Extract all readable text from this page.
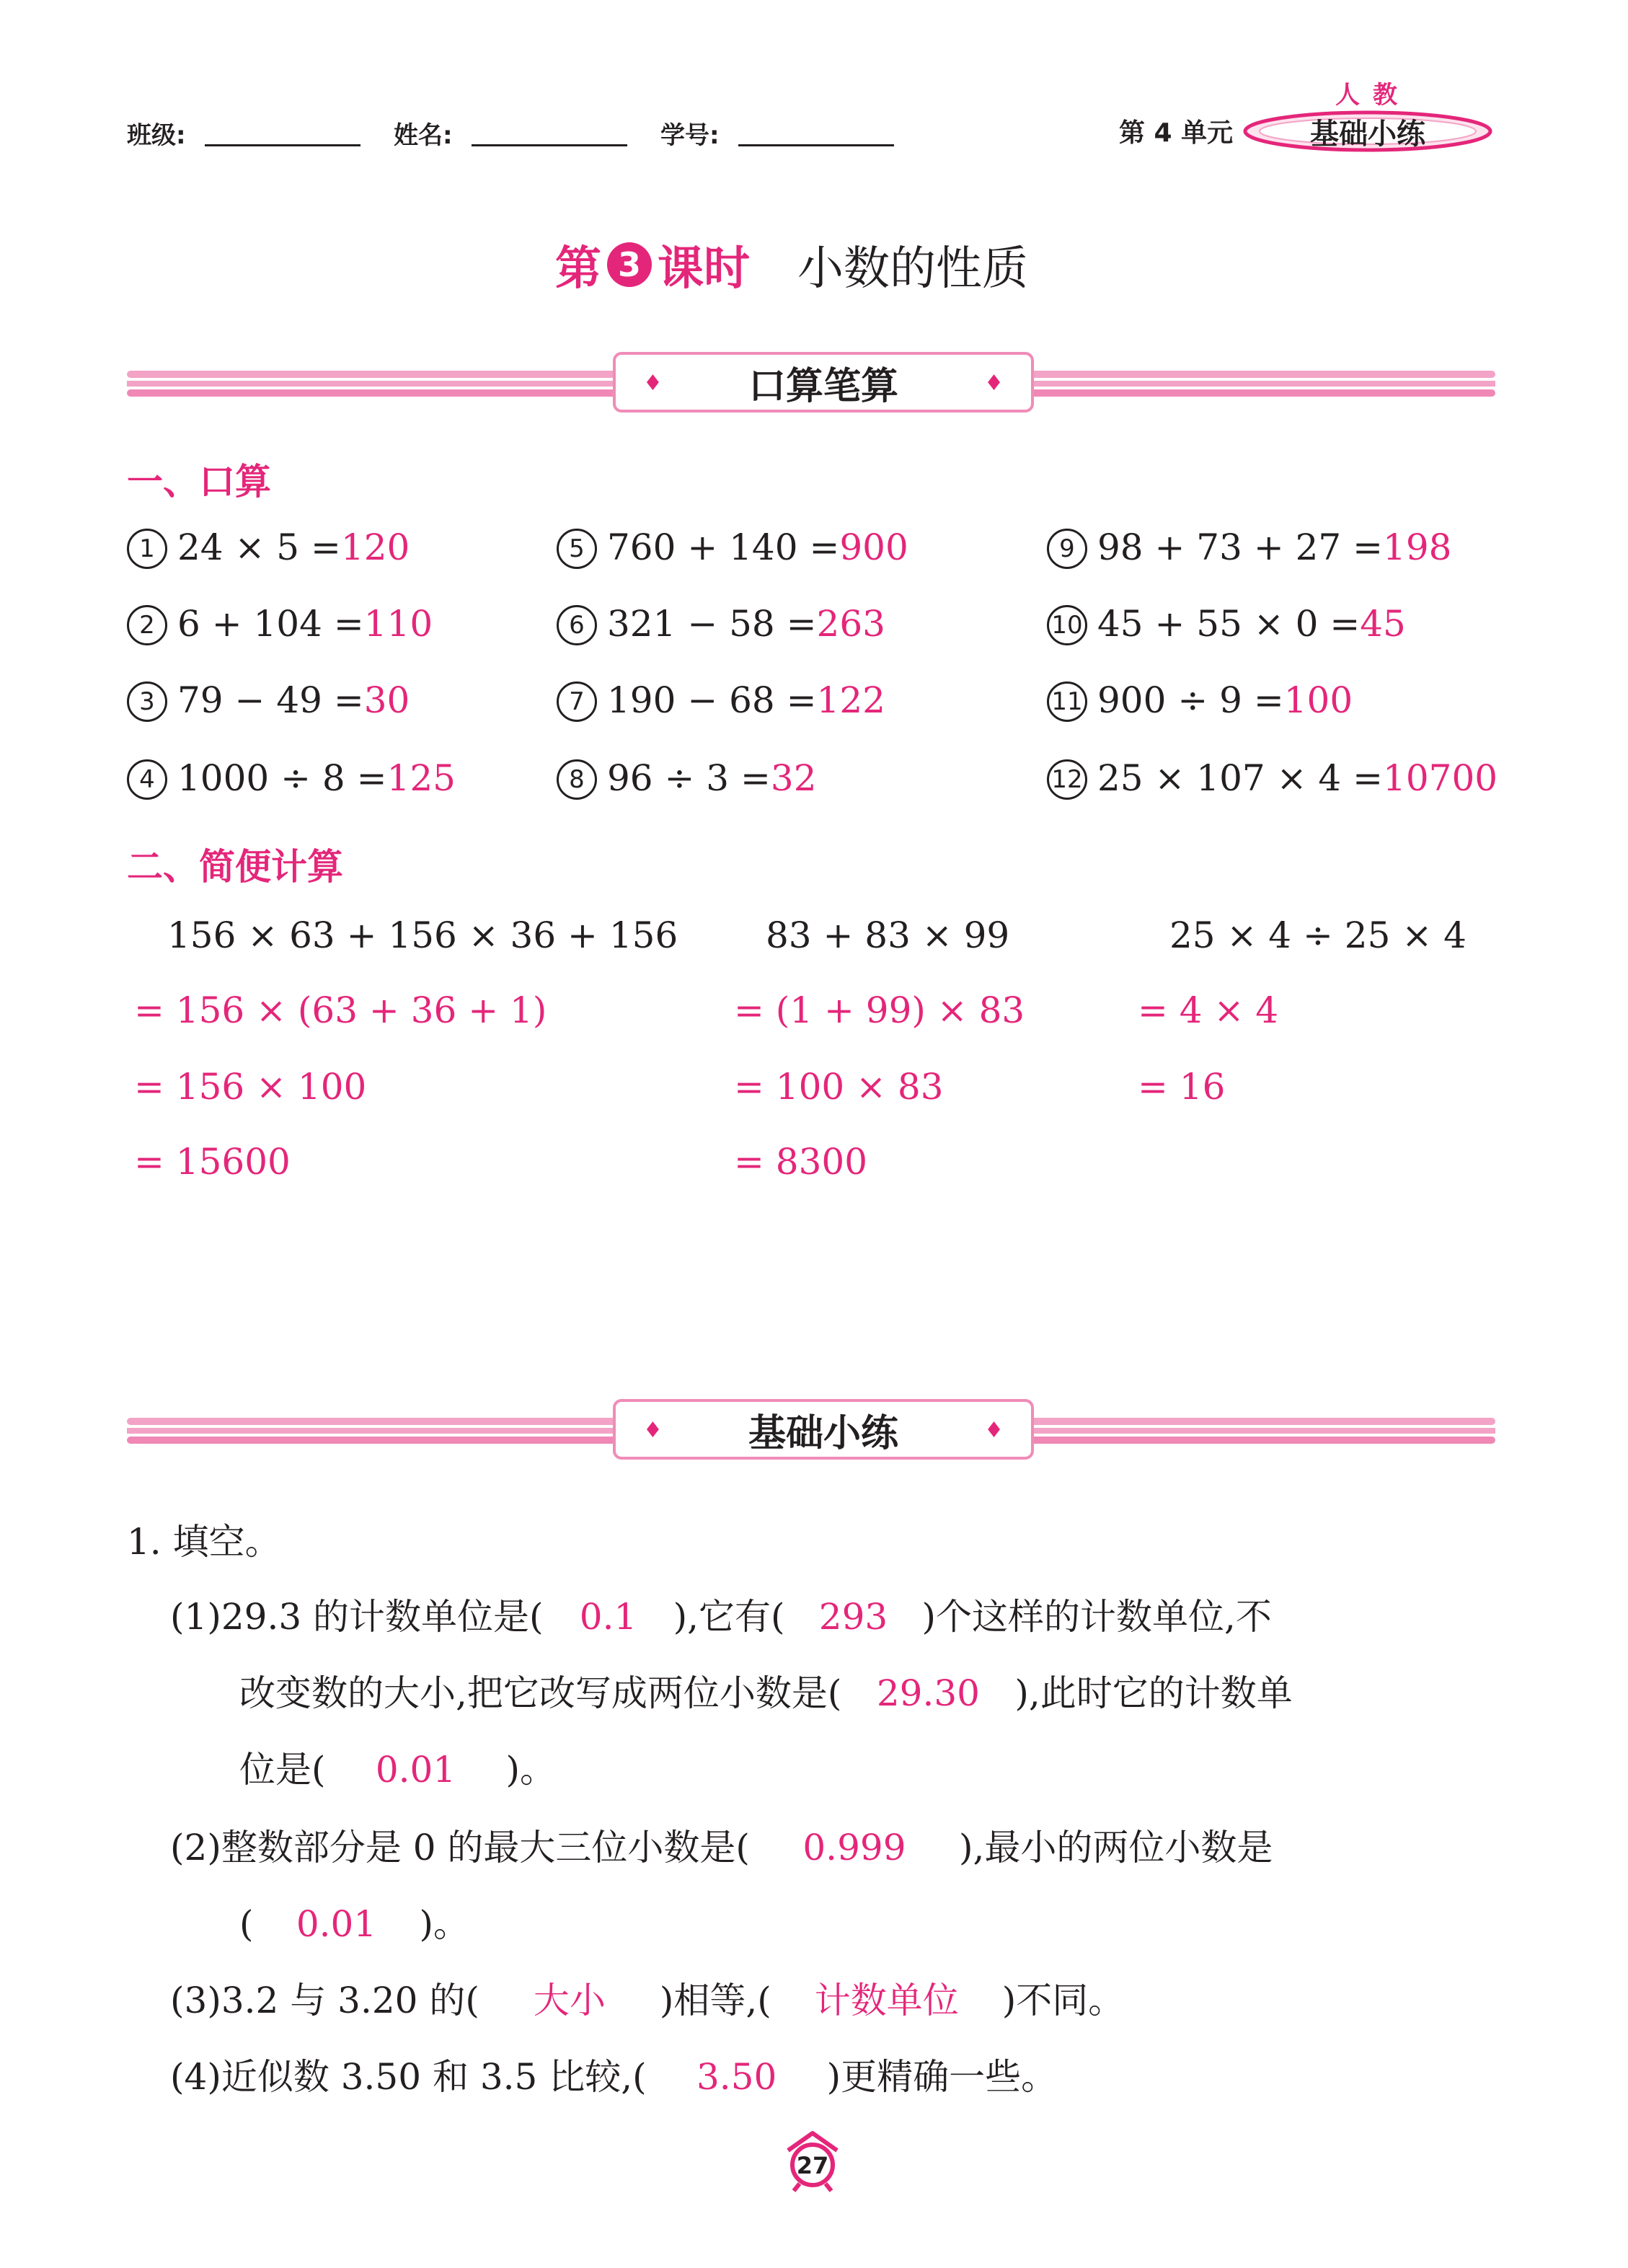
班级:	姓名:	学号:	第 4 单元
人教
基础小练
第 3 课时 小数的性质
♦ 口算笔算	♦
一、口算
1 24 × 5 =120
2 6 + 104 =110
3 79 − 49 =30
4 1000 ÷ 8 =125
5 760 + 140 =900
6 321 − 58 =263
7 190 − 68 =122
8 96 ÷ 3 =32
9 98 + 73 + 27 =198
10 45 + 55 × 0 =45
11 900 ÷ 9 =100
12 25 × 107 × 4 =10700
二、简便计算
156 × 63 + 156 × 36 + 156
= 156 × (63 + 36 + 1)
= 156 × 100
= 15600
83 + 83 × 99
= (1 + 99) × 83
= 100 × 83
= 8300
25 × 4 ÷ 25 × 4
= 4 × 4
= 16
♦ 基础小练	♦
1. 填空。
(1)29.3 的计数单位是( 0.1 ),它有( 293 )个这样的计数单位,不
改变数的大小,把它改写成两位小数是( 29.30 ),此时它的计数单
位是( 0.01 )。
(2)整数部分是 0 的最大三位小数是( 0.999 ),最小的两位小数是
( 0.01 )。
(3)3.2 与 3.20 的( 大小 )相等,( 计数单位 )不同。
(4)近似数 3.50 和 3.5 比较,( 3.50 )更精确一些。
27
